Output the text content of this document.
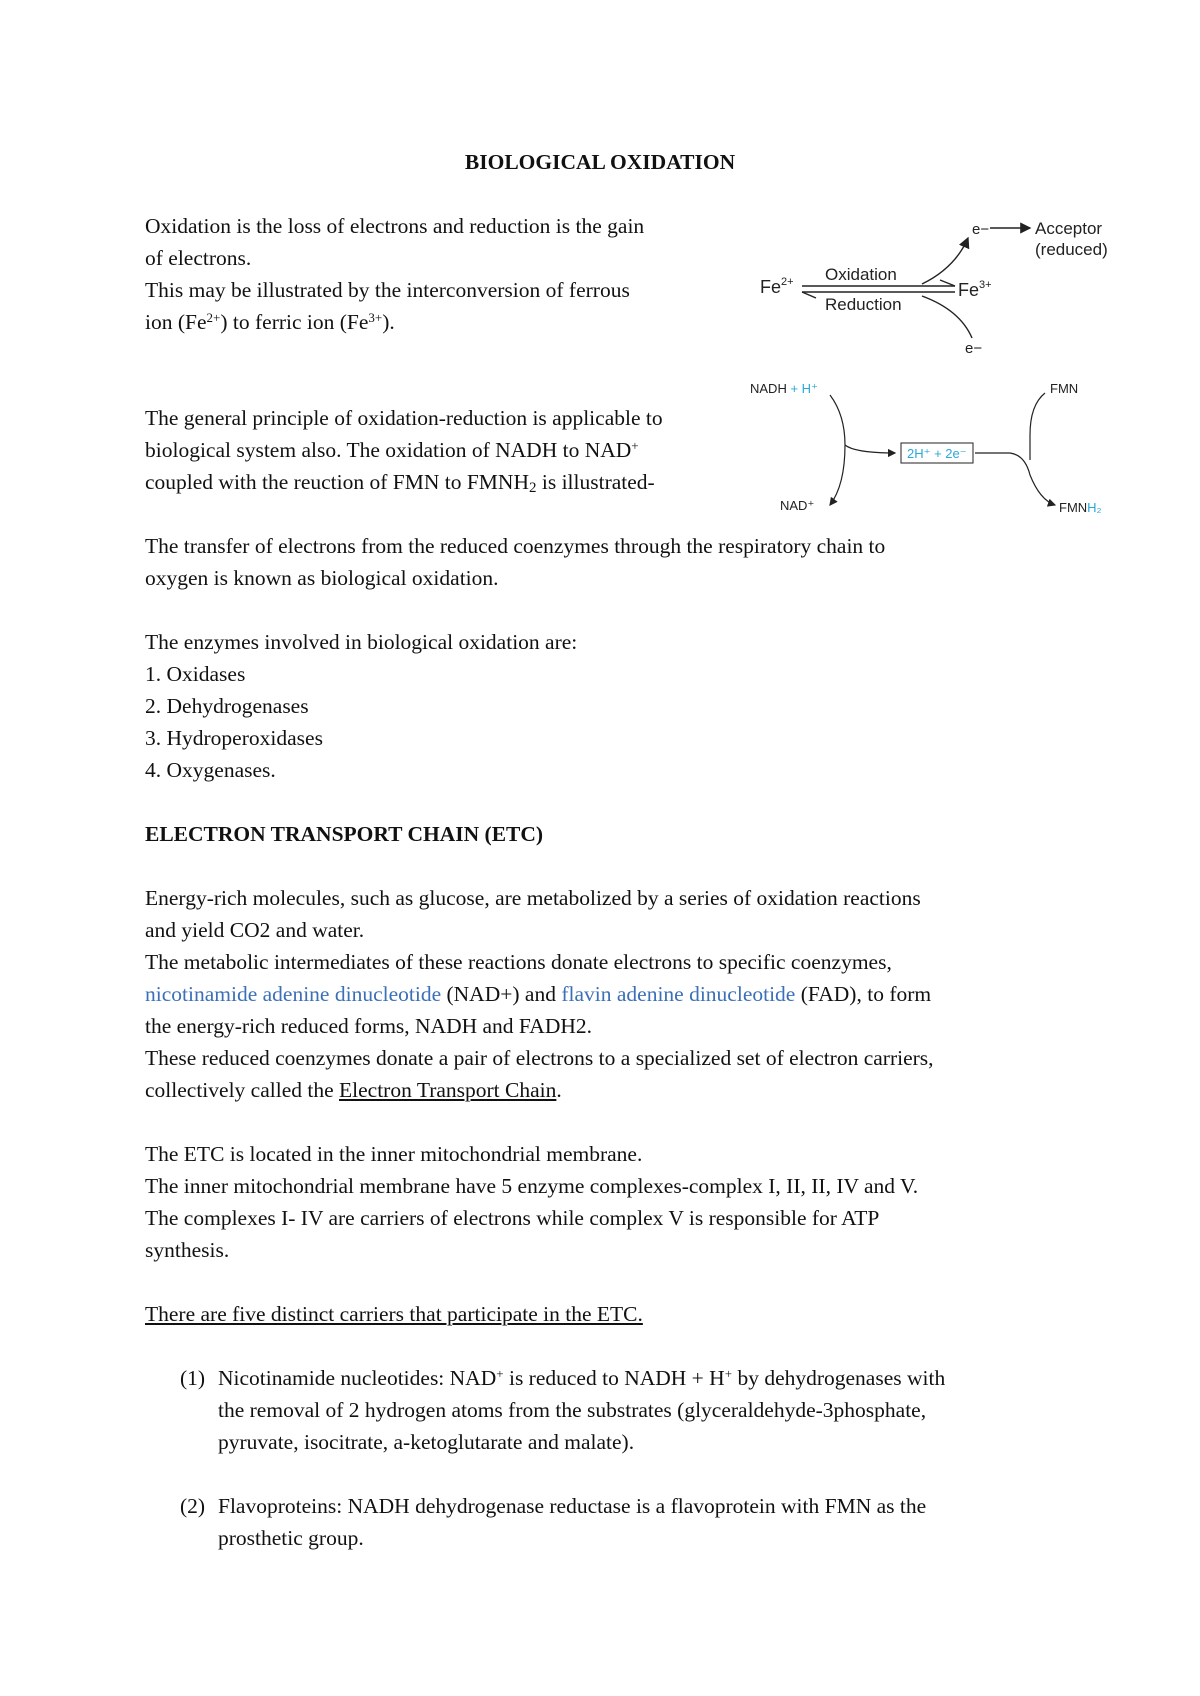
BIOLOGICAL OXIDATION
Oxidation is the loss of electrons and reduction is the gain
of electrons.
This may be illustrated by the interconversion of ferrous
ion $(Fe^{2+})$ to ferric ion $(Fe^{3+})$.
The general principle of oxidation-reduction is applicable to
biological system also. The oxidation of NADH to NAD+
coupled with the reuction of FMN to $FMNH_2$ is illustrated-
The transfer of electrons from the reduced coenzymes through the respiratory chain to
oxygen is known as biological oxidation.
The enzymes involved in biological oxidation are:
1. Oxidases
2. Dehydrogenases
3. Hydroperoxidases
4. Oxygenases.
ELECTRON TRANSPORT CHAIN (ETC)
Energy-rich molecules, such as glucose, are metabolized by a series of oxidation reactions
and yield CO2 and water.
The metabolic intermediates of these reactions donate electrons to specific coenzymes,
nicotinamide adenine dinucleotide (NAD+) and flavin adenine dinucleotide (FAD), to form
the energy-rich reduced forms, NADH and FADH2.
These reduced coenzymes donate a pair of electrons to a specialized set of electron carriers,
collectively called the Electron Transport Chain.
The ETC is located in the inner mitochondrial membrane.
The inner mitochondrial membrane have 5 enzyme complexes-complex I, II, II, IV and V.
The complexes I- IV are carriers of electrons while complex V is responsible for ATP
synthesis.
There are five distinct carriers that participate in the ETC.
(1) Nicotinamide nucleotides: NAD+ is reduced to NADH + H+ by dehydrogenases with
the removal of 2 hydrogen atoms from the substrates (glyceraldehyde-3phosphate,
pyruvate, isocitrate, a-ketoglutarate and malate).
(2) Flavoproteins: NADH dehydrogenase reductase is a flavoprotein with FMN as the
prosthetic group.
$Fe^{2+}$ Oxidation
Reduction
$Fe^{3+}$
e−	Acceptor
(reduced)
e−
NADH + H⁺
NAD⁺
2H⁺ + 2e⁻
FMN
FMNH₂
